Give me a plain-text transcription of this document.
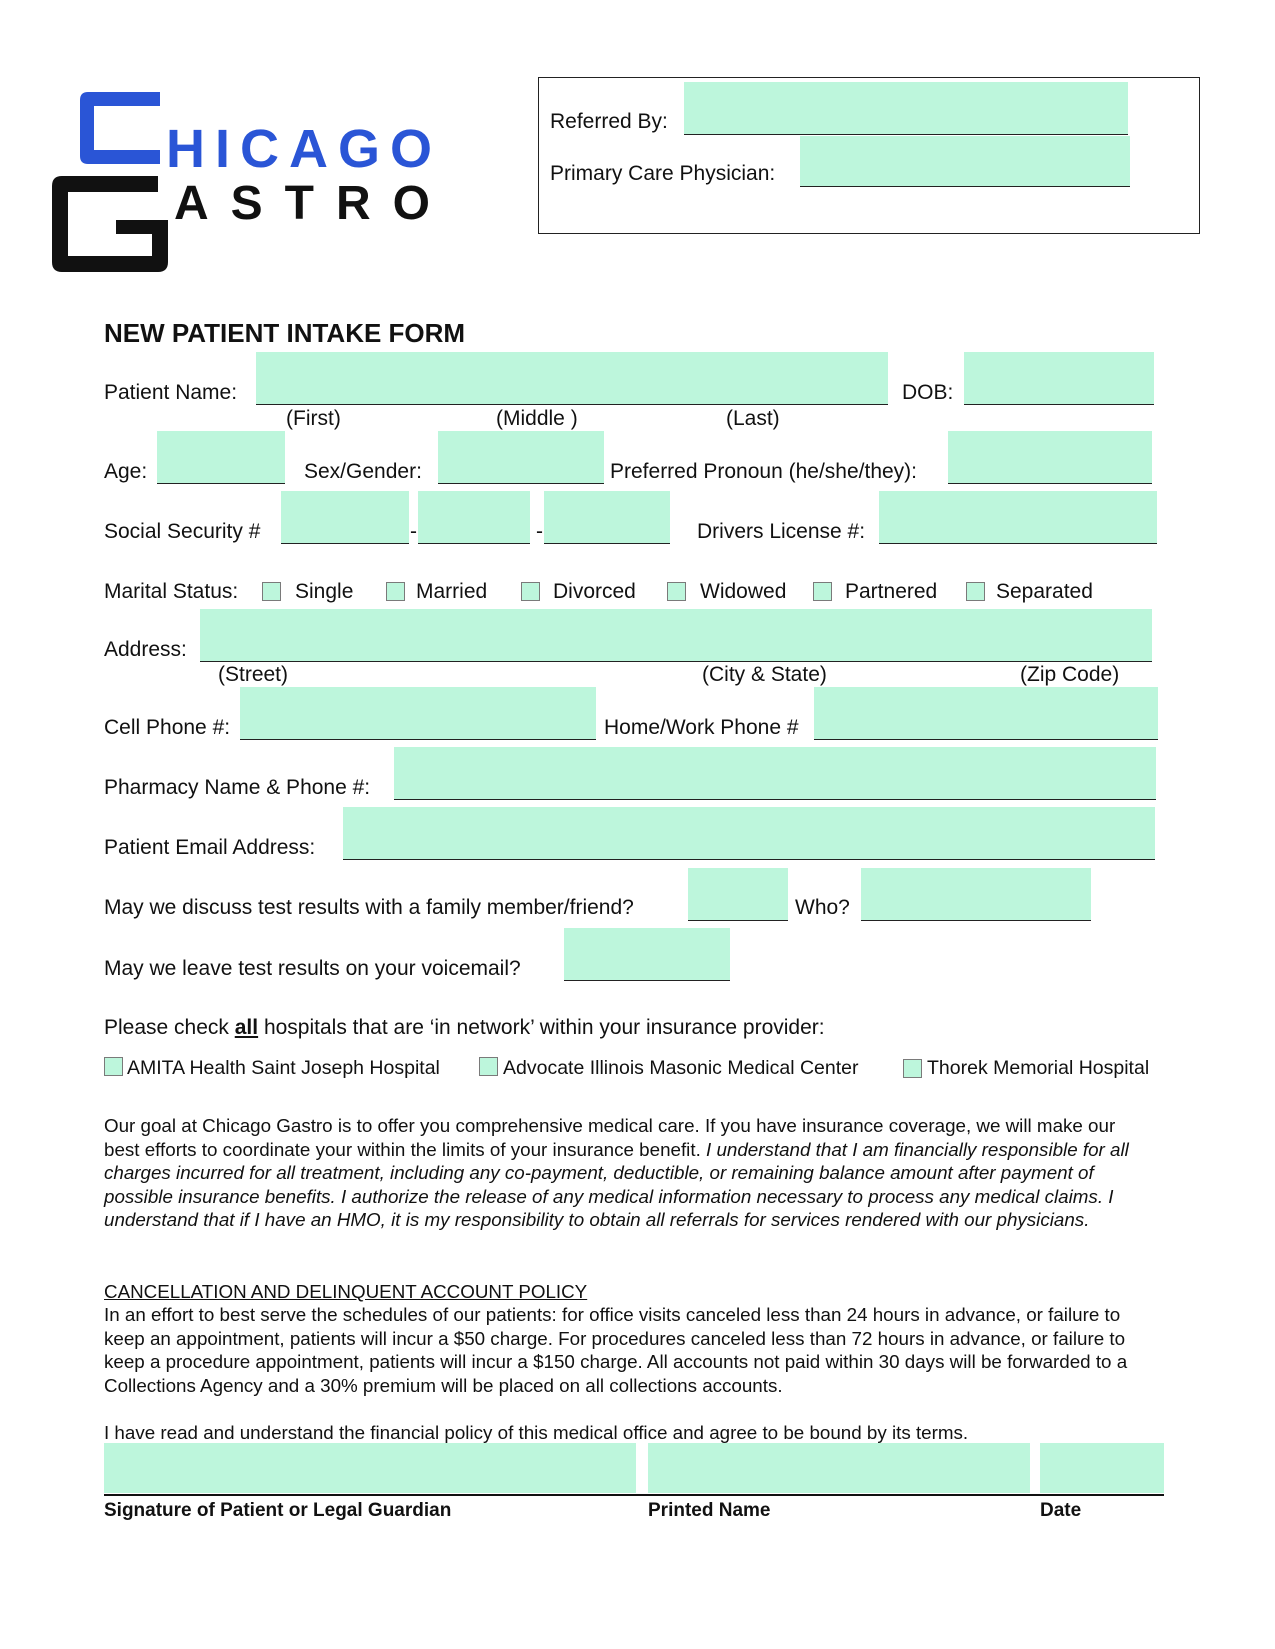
HICAGO
ASTRO
Referred By:
Primary Care Physician:
NEW PATIENT INTAKE FORM
Patient Name:	DOB:
(First)	(Middle )	(Last)
Age:	Sex/Gender:	Preferred Pronoun (he/she/they):
Social Security #	-	-	Drivers License #:
Marital Status:	Single	Married	Divorced	Widowed	Partnered	Separated
Address:
(Street)	(City & State)	(Zip Code)
Cell Phone #:	Home/Work Phone #
Pharmacy Name & Phone #:
Patient Email Address:
May we discuss test results with a family member/friend?	Who?
May we leave test results on your voicemail?
Please check all hospitals that are ‘in network’ within your insurance provider:
AMITA Health Saint Joseph Hospital	Advocate Illinois Masonic Medical Center	Thorek Memorial Hospital
Our goal at Chicago Gastro is to offer you comprehensive medical care. If you have insurance coverage, we will make our best efforts to coordinate your within the limits of your insurance benefit. I understand that I am financially responsible for all charges incurred for all treatment, including any co-payment, deductible, or remaining balance amount after payment of possible insurance benefits. I authorize the release of any medical information necessary to process any medical claims. I understand that if I have an HMO, it is my responsibility to obtain all referrals for services rendered with our physicians.
CANCELLATION AND DELINQUENT ACCOUNT POLICY
In an effort to best serve the schedules of our patients: for office visits canceled less than 24 hours in advance, or failure to keep an appointment, patients will incur a $50 charge. For procedures canceled less than 72 hours in advance, or failure to keep a procedure appointment, patients will incur a $150 charge. All accounts not paid within 30 days will be forwarded to a Collections Agency and a 30% premium will be placed on all collections accounts.
I have read and understand the financial policy of this medical office and agree to be bound by its terms.
Signature of Patient or Legal Guardian	Printed Name	Date
